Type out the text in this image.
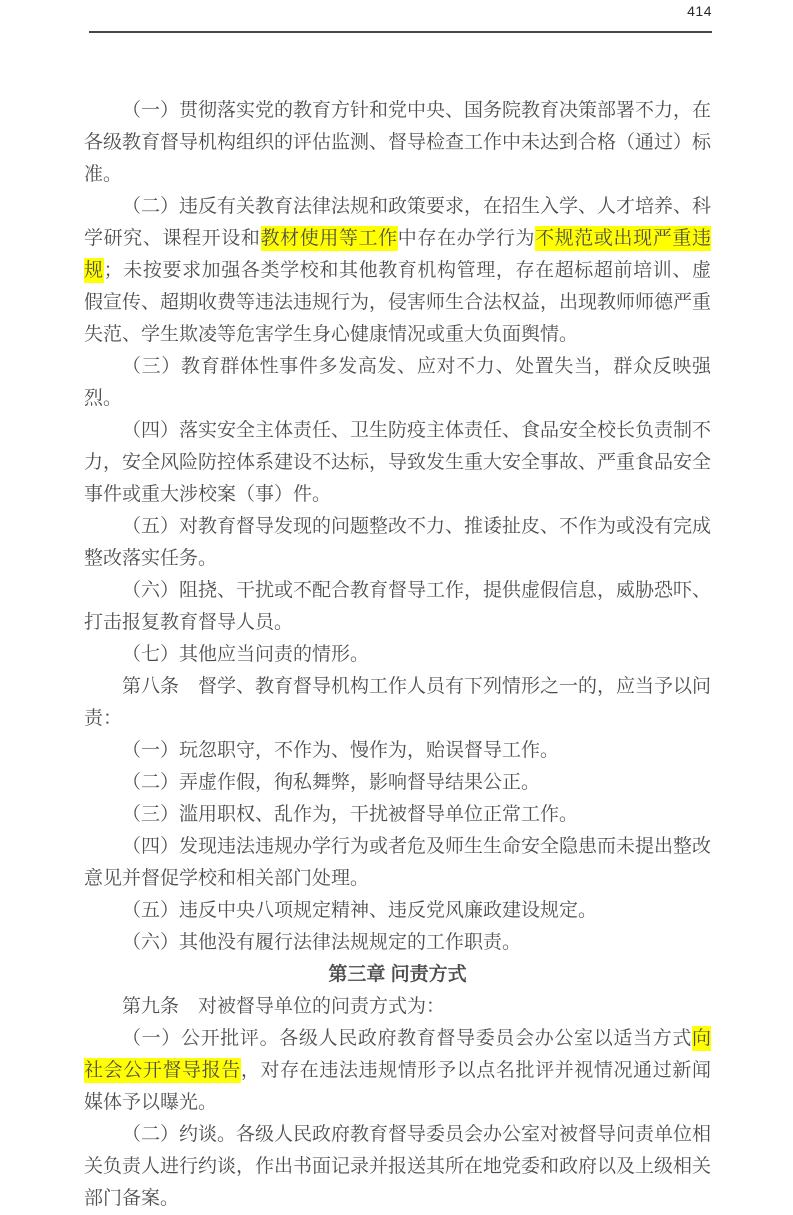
414

（一）贯彻落实党的教育方针和党中央、国务院教育决策部署不力，在各级教育督导机构组织的评估监测、督导检查工作中未达到合格（通过）标准。

（二）违反有关教育法律法规和政策要求，在招生入学、人才培养、科学研究、课程开设和教材使用等工作中存在办学行为不规范或出现严重违规；未按要求加强各类学校和其他教育机构管理，存在超标超前培训、虚假宣传、超期收费等违法违规行为，侵害师生合法权益，出现教师师德严重失范、学生欺凌等危害学生身心健康情况或重大负面舆情。

（三）教育群体性事件多发高发、应对不力、处置失当，群众反映强烈。

（四）落实安全主体责任、卫生防疫主体责任、食品安全校长负责制不力，安全风险防控体系建设不达标，导致发生重大安全事故、严重食品安全事件或重大涉校案（事）件。

（五）对教育督导发现的问题整改不力、推诿扯皮、不作为或没有完成整改落实任务。

（六）阻挠、干扰或不配合教育督导工作，提供虚假信息，威胁恐吓、打击报复教育督导人员。

（七）其他应当问责的情形。

第八条　督学、教育督导机构工作人员有下列情形之一的，应当予以问责：

（一）玩忽职守，不作为、慢作为，贻误督导工作。

（二）弄虚作假，徇私舞弊，影响督导结果公正。

（三）滥用职权、乱作为，干扰被督导单位正常工作。

（四）发现违法违规办学行为或者危及师生生命安全隐患而未提出整改意见并督促学校和相关部门处理。

（五）违反中央八项规定精神、违反党风廉政建设规定。

（六）其他没有履行法律法规规定的工作职责。

第三章 问责方式

第九条　对被督导单位的问责方式为：

（一）公开批评。各级人民政府教育督导委员会办公室以适当方式向社会公开督导报告，对存在违法违规情形予以点名批评并视情况通过新闻媒体予以曝光。

（二）约谈。各级人民政府教育督导委员会办公室对被督导问责单位相关负责人进行约谈，作出书面记录并报送其所在地党委和政府以及上级相关部门备案。
